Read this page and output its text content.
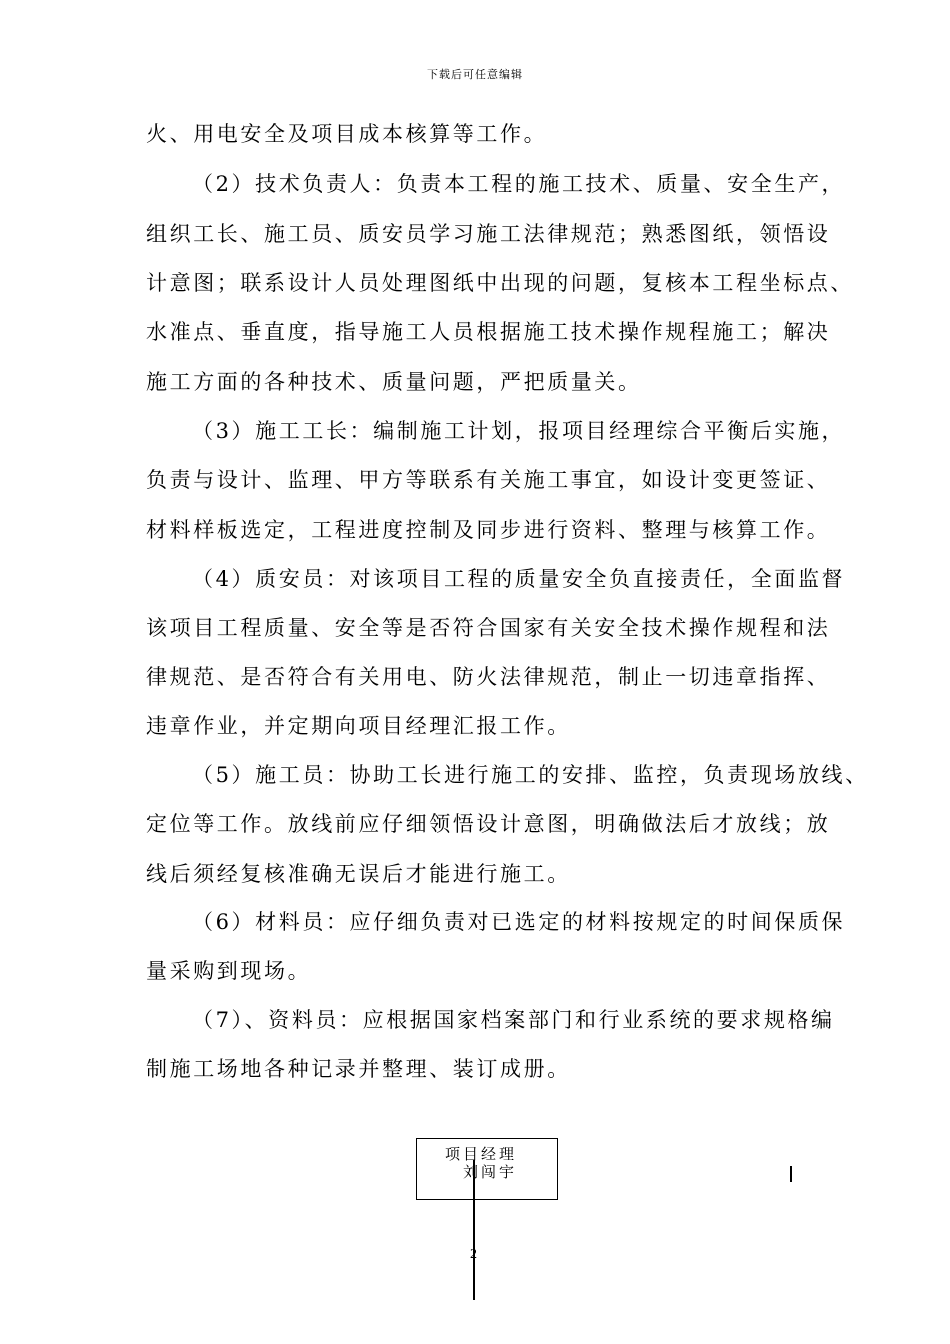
下载后可任意编辑
火、用电安全及项目成本核算等工作。
（2）技术负责人：负责本工程的施工技术、质量、安全生产，
组织工长、施工员、质安员学习施工法律规范；熟悉图纸，领悟设
计意图；联系设计人员处理图纸中出现的问题，复核本工程坐标点、
水准点、垂直度，指导施工人员根据施工技术操作规程施工；解决
施工方面的各种技术、质量问题，严把质量关。
（3）施工工长：编制施工计划，报项目经理综合平衡后实施，
负责与设计、监理、甲方等联系有关施工事宜，如设计变更签证、
材料样板选定，工程进度控制及同步进行资料、整理与核算工作。
（4）质安员：对该项目工程的质量安全负直接责任，全面监督
该项目工程质量、安全等是否符合国家有关安全技术操作规程和法
律规范、是否符合有关用电、防火法律规范，制止一切违章指挥、
违章作业，并定期向项目经理汇报工作。
（5）施工员：协助工长进行施工的安排、监控，负责现场放线、
定位等工作。放线前应仔细领悟设计意图，明确做法后才放线；放
线后须经复核准确无误后才能进行施工。
（6）材料员：应仔细负责对已选定的材料按规定的时间保质保
量采购到现场。
（7）、资料员：应根据国家档案部门和行业系统的要求规格编
制施工场地各种记录并整理、装订成册。
项目经理
刘闯宇
2
